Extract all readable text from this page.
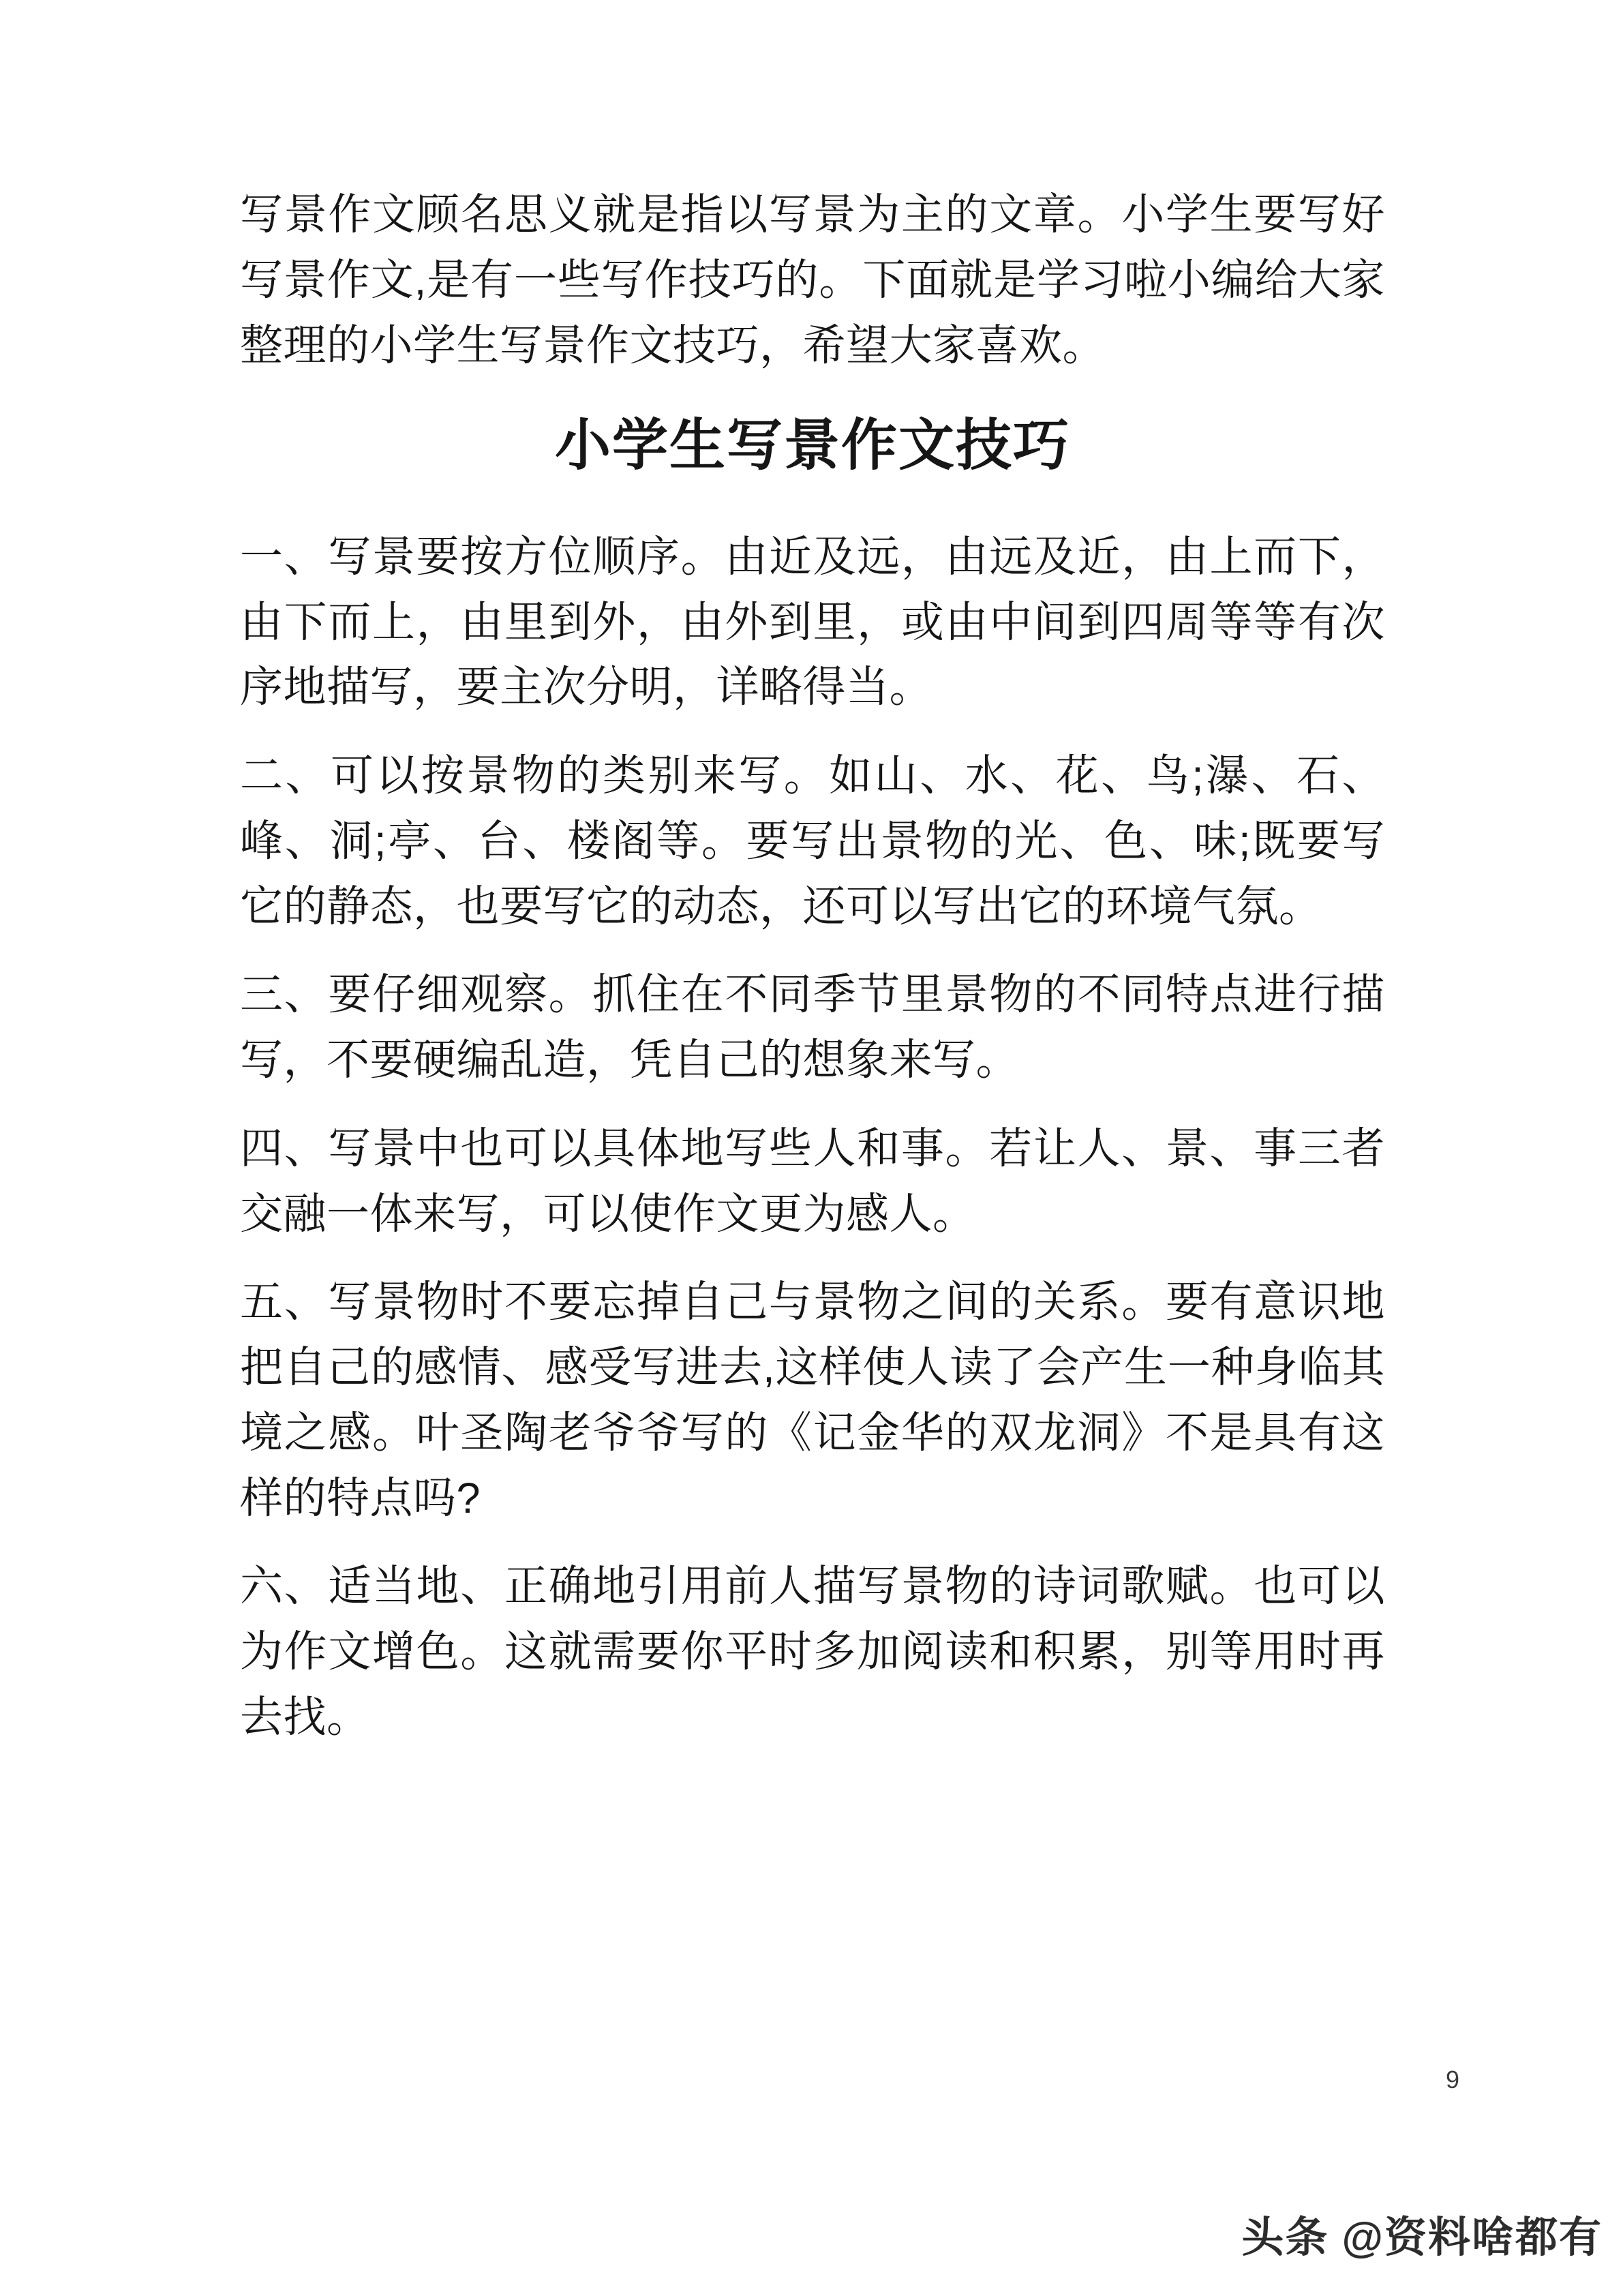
写景作文顾名思义就是指以写景为主的文章。小学生要写好写景作文,是有一些写作技巧的。下面就是学习啦小编给大家整理的小学生写景作文技巧，希望大家喜欢。

小学生写景作文技巧

一、写景要按方位顺序。由近及远，由远及近，由上而下，由下而上，由里到外，由外到里，或由中间到四周等等有次序地描写，要主次分明，详略得当。

二、可以按景物的类别来写。如山、水、花、鸟;瀑、石、峰、洞;亭、台、楼阁等。要写出景物的光、色、味;既要写它的静态，也要写它的动态，还可以写出它的环境气氛。

三、要仔细观察。抓住在不同季节里景物的不同特点进行描写，不要硬编乱造，凭自己的想象来写。

四、写景中也可以具体地写些人和事。若让人、景、事三者交融一体来写，可以使作文更为感人。

五、写景物时不要忘掉自己与景物之间的关系。要有意识地把自己的感情、感受写进去,这样使人读了会产生一种身临其境之感。叶圣陶老爷爷写的《记金华的双龙洞》不是具有这样的特点吗?

六、适当地、正确地引用前人描写景物的诗词歌赋。也可以为作文增色。这就需要你平时多加阅读和积累，别等用时再去找。

9
头条 @资料啥都有
